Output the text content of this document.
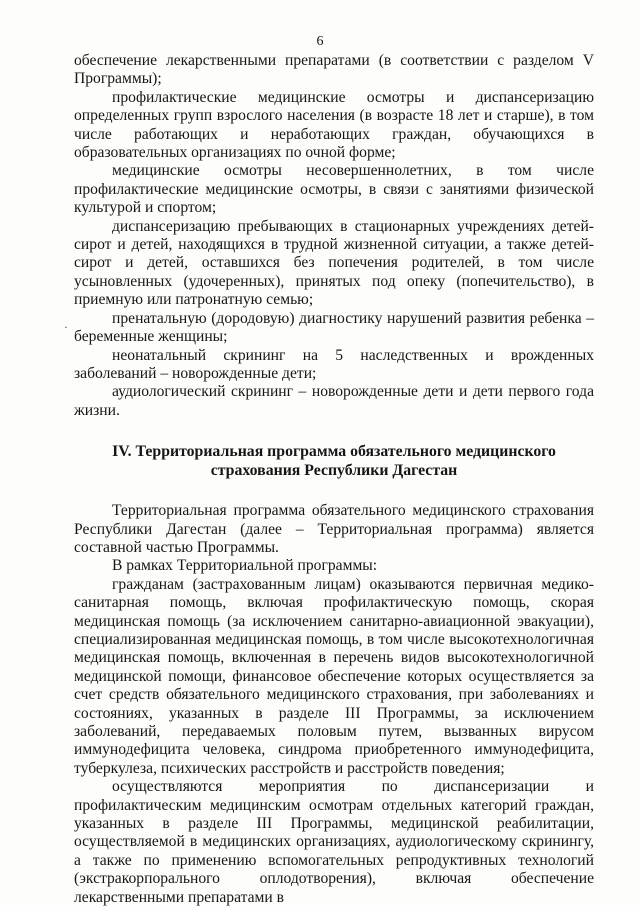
6

обеспечение лекарственными препаратами (в соответствии с разделом V Программы);

профилактические медицинские осмотры и диспансеризацию определенных групп взрослого населения (в возрасте 18 лет и старше), в том числе работающих и неработающих граждан, обучающихся в образовательных организациях по очной форме;

медицинские осмотры несовершеннолетних, в том числе профилактические медицинские осмотры, в связи с занятиями физической культурой и спортом;

диспансеризацию пребывающих в стационарных учреждениях детей-сирот и детей, находящихся в трудной жизненной ситуации, а также детей-сирот и детей, оставшихся без попечения родителей, в том числе усыновленных (удочеренных), принятых под опеку (попечительство), в приемную или патронатную семью;

пренатальную (дородовую) диагностику нарушений развития ребенка – беременные женщины;

неонатальный скрининг на 5 наследственных и врожденных заболеваний – новорожденные дети;

аудиологический скрининг – новорожденные дети и дети первого года жизни.

IV. Территориальная программа обязательного медицинского
страхования Республики Дагестан

Территориальная программа обязательного медицинского страхования Республики Дагестан (далее – Территориальная программа) является составной частью Программы.

В рамках Территориальной программы:

гражданам (застрахованным лицам) оказываются первичная медико-санитарная помощь, включая профилактическую помощь, скорая медицинская помощь (за исключением санитарно-авиационной эвакуации), специализированная медицинская помощь, в том числе высокотехнологичная медицинская помощь, включенная в перечень видов высокотехнологичной медицинской помощи, финансовое обеспечение которых осуществляется за счет средств обязательного медицинского страхования, при заболеваниях и состояниях, указанных в разделе III Программы, за исключением заболеваний, передаваемых половым путем, вызванных вирусом иммунодефицита человека, синдрома приобретенного иммунодефицита, туберкулеза, психических расстройств и расстройств поведения;

осуществляются мероприятия по диспансеризации и профилактическим медицинским осмотрам отдельных категорий граждан, указанных в разделе III Программы, медицинской реабилитации, осуществляемой в медицинских организациях, аудиологическому скринингу, а также по применению вспомогательных репродуктивных технологий (экстракорпорального оплодотворения), включая обеспечение лекарственными препаратами в

·
